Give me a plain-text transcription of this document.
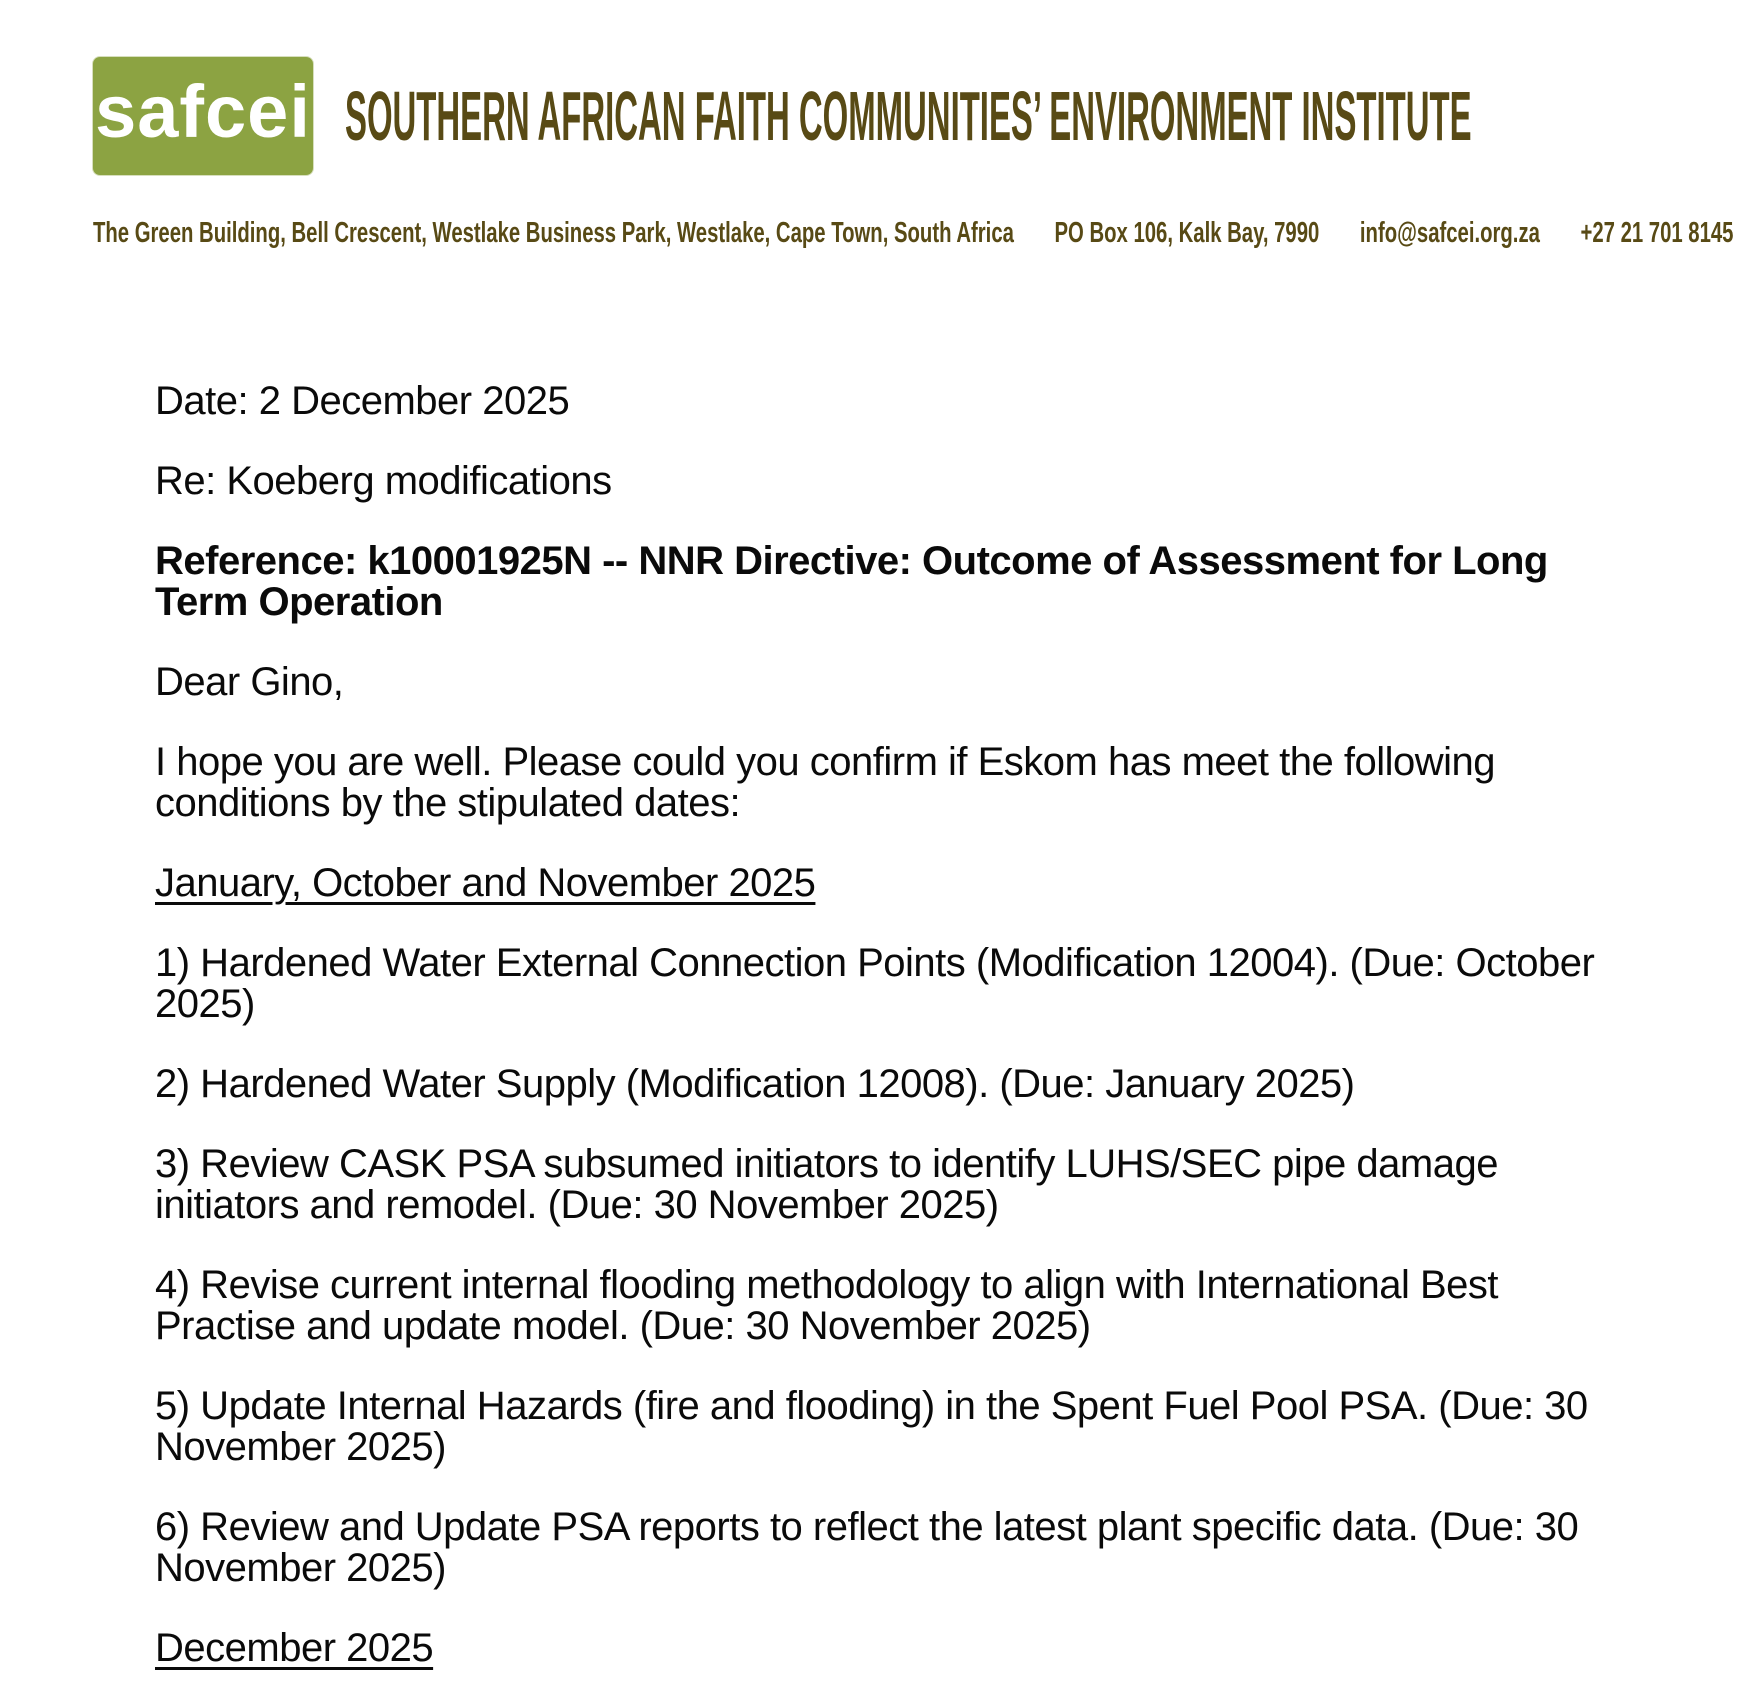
safcei SOUTHERN AFRICAN FAITH COMMUNITIES’ ENVIRONMENT INSTITUTE
The Green Building, Bell Crescent, Westlake Business Park, Westlake, Cape Town, South Africa PO Box 106, Kalk Bay, 7990 info@safcei.org.za +27 21 701 8145

Date: 2 December 2025

Re: Koeberg modifications

Reference: k10001925N -- NNR Directive: Outcome of Assessment for Long Term Operation

Dear Gino,

I hope you are well. Please could you confirm if Eskom has meet the following conditions by the stipulated dates:

January, October and November 2025

1) Hardened Water External Connection Points (Modification 12004). (Due: October 2025)

2) Hardened Water Supply (Modification 12008). (Due: January 2025)

3) Review CASK PSA subsumed initiators to identify LUHS/SEC pipe damage initiators and remodel. (Due: 30 November 2025)

4) Revise current internal flooding methodology to align with International Best Practise and update model. (Due: 30 November 2025)

5) Update Internal Hazards (fire and flooding) in the Spent Fuel Pool PSA. (Due: 30 November 2025)

6) Review and Update PSA reports to reflect the latest plant specific data. (Due: 30 November 2025)

December 2025
